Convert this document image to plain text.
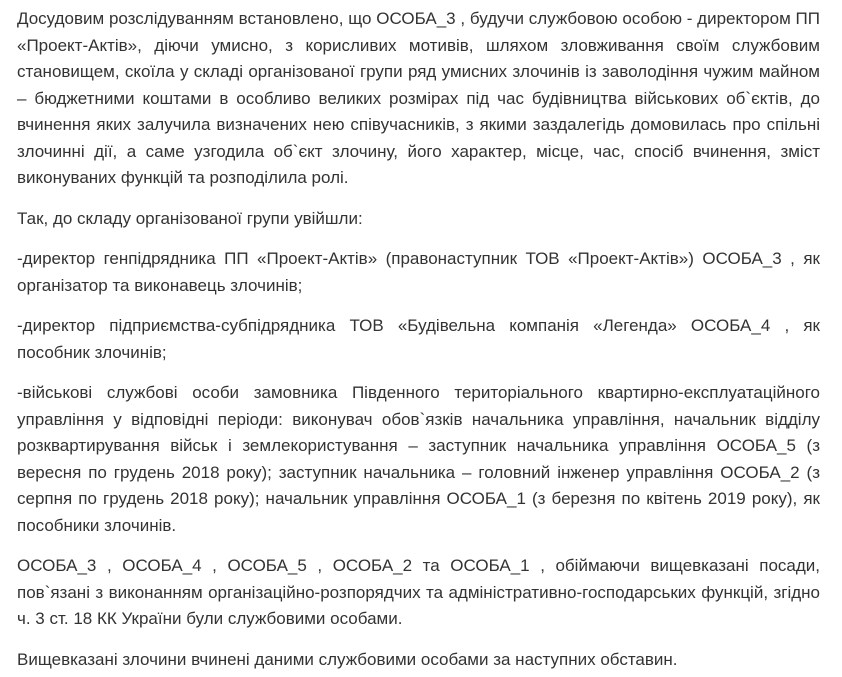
Досудовим розслідуванням встановлено, що ОСОБА_3 , будучи службовою особою - директором ПП «Проект-Актів», діючи умисно, з корисливих мотивів, шляхом зловживання своїм службовим становищем, скоїла у складі організованої групи ряд умисних злочинів із заволодіння чужим майном – бюджетними коштами в особливо великих розмірах під час будівництва військових об`єктів, до вчинення яких залучила визначених нею співучасників, з якими заздалегідь домовилась про спільні злочинні дії, а саме узгодила об`єкт злочину, його характер, місце, час, спосіб вчинення, зміст виконуваних функцій та розподілила ролі.

Так, до складу організованої групи увійшли:

-директор генпідрядника ПП «Проект-Актів» (правонаступник ТОВ «Проект-Актів») ОСОБА_3 , як організатор та виконавець злочинів;

-директор підприємства-субпідрядника ТОВ «Будівельна компанія «Легенда» ОСОБА_4 , як пособник злочинів;

-військові службові особи замовника Південного територіального квартирно-експлуатаційного управління у відповідні періоди: виконувач обов`язків начальника управління, начальник відділу розквартирування військ і землекористування – заступник начальника управління ОСОБА_5 (з вересня по грудень 2018 року); заступник начальника – головний інженер управління ОСОБА_2 (з серпня по грудень 2018 року); начальник управління ОСОБА_1 (з березня по квітень 2019 року), як пособники злочинів.

ОСОБА_3 , ОСОБА_4 , ОСОБА_5 , ОСОБА_2 та ОСОБА_1 , обіймаючи вищевказані посади, пов`язані з виконанням організаційно-розпорядчих та адміністративно-господарських функцій, згідно ч. 3 ст. 18 КК України були службовими особами.

Вищевказані злочини вчинені даними службовими особами за наступних обставин.
